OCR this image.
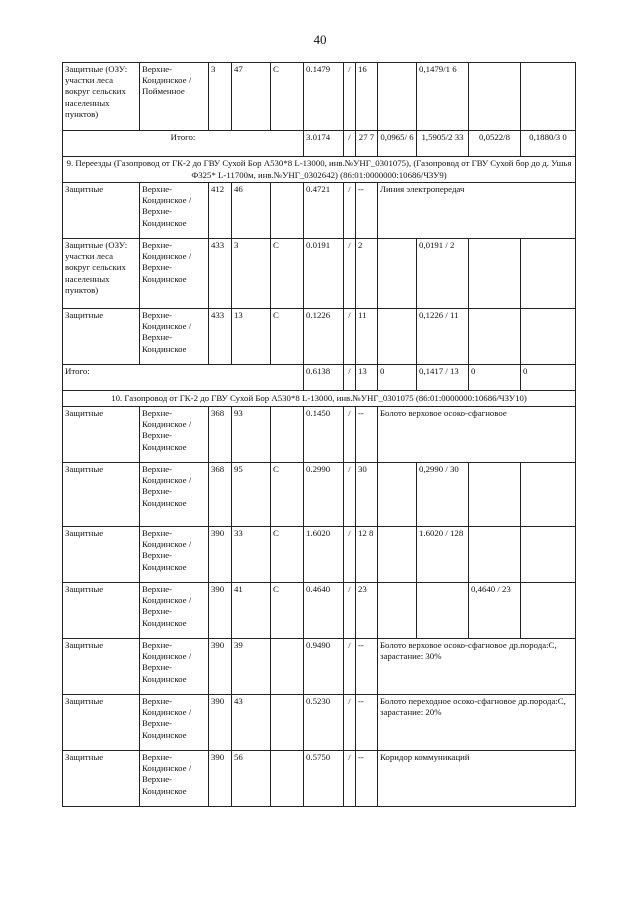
40
Защитные (ОЗУ: участки леса вокруг сельских населенных пунктов)	Верхне-Кондинское / Пойменное	3	47	С	0.1479	/	16		0,1479/1 6		
Итого:					3.0174	/	27 7	0,0965/ 6	1,5905/2 33	0,0522/8	0,1880/3 0
9. Переезды (Газопровод от ГК-2 до ГВУ Сухой Бор А530*8 L-13000, инв.№УНГ_0301075), (Газопровод от ГВУ Сухой бор до д. Ушья Ф325* L-11700м, инв.№УНГ_0302642) (86:01:0000000:10686/ЧЗУ9)											
Защитные	Верхне-Кондинское / Верхне-Кондинское	412	46		0.4721	/	--	Линия электропередач			
Защитные (ОЗУ: участки леса вокруг сельских населенных пунктов)	Верхне-Кондинское / Верхне-Кондинское	433	3	С	0.0191	/	2		0,0191 / 2		
Защитные	Верхне-Кондинское / Верхне-Кондинское	433	13	С	0.1226	/	11		0,1226 / 11		
Итого:					0.6138	/	13	0	0,1417 / 13	0	0
10. Газопровод от ГК-2 до ГВУ Сухой Бор А530*8 L-13000, инв.№УНГ_0301075 (86:01:0000000:10686/ЧЗУ10)											
Защитные	Верхне-Кондинское / Верхне-Кондинское	368	93		0.1450	/	--	Болото верховое осоко-сфагновое			
Защитные	Верхне-Кондинское / Верхне-Кондинское	368	95	С	0.2990	/	30		0,2990 / 30		
Защитные	Верхне-Кондинское / Верхне-Кондинское	390	33	С	1.6020	/	12 8		1.6020 / 128		
Защитные	Верхне-Кондинское / Верхне-Кондинское	390	41	С	0.4640	/	23			0,4640 / 23	
Защитные	Верхне-Кондинское / Верхне-Кондинское	390	39		0.9490	/	--	Болото верховое осоко-сфагновое др.порода:С, зарастание: 30%			
Защитные	Верхне-Кондинское / Верхне-Кондинское	390	43		0.5230	/	--	Болото переходное осоко-сфагновое др.порода:С, зарастание: 20%			
Защитные	Верхне-Кондинское / Верхне-Кондинское	390	56		0.5750	/	--	Коридор коммуникаций			
